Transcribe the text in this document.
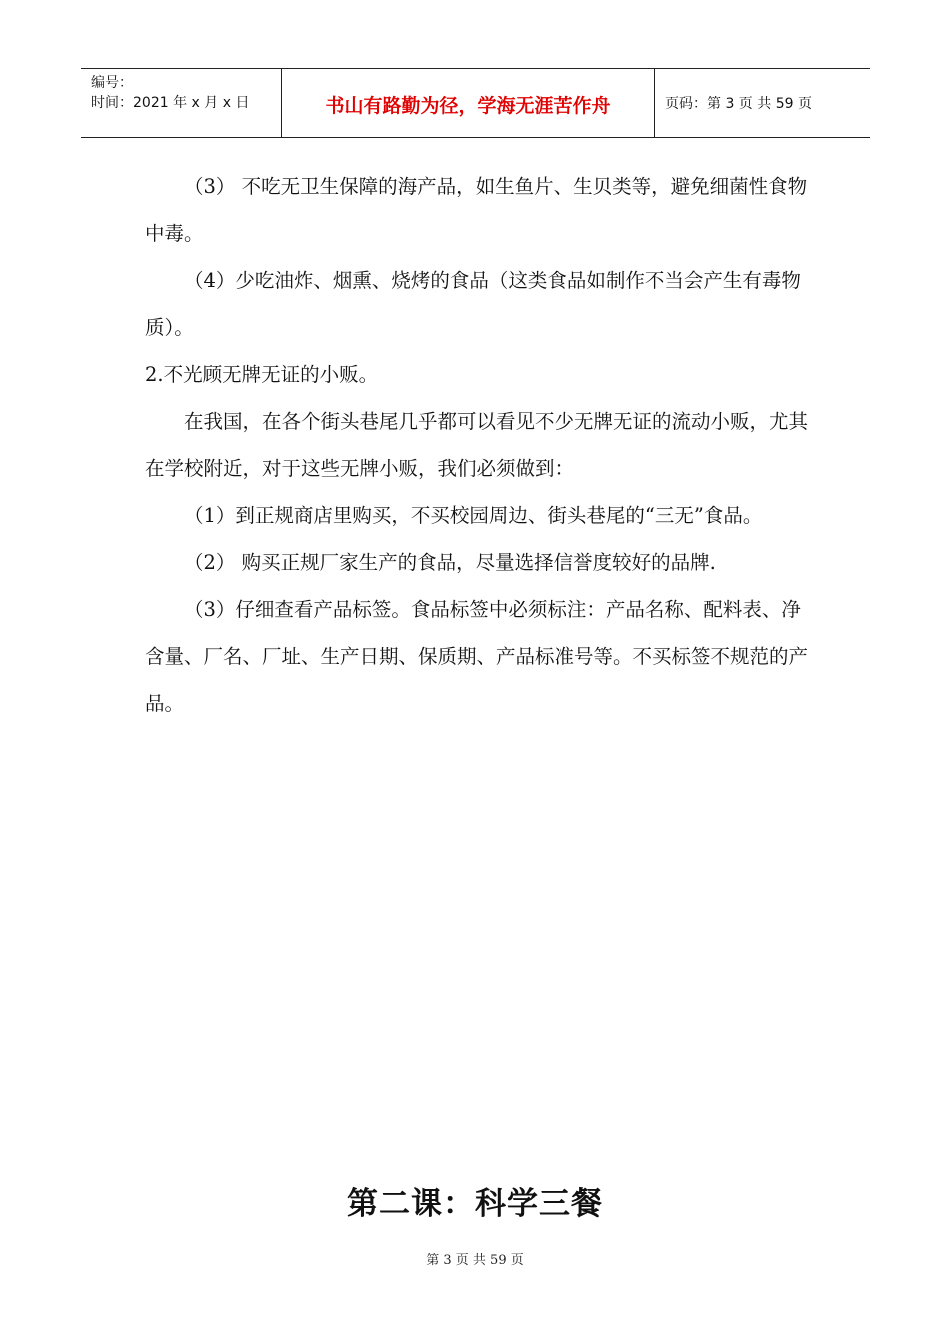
编号：
时间：2021 年 x 月 x 日	书山有路勤为径，学海无涯苦作舟	页码：第 3 页 共 59 页

（3） 不吃无卫生保障的海产品，如生鱼片、生贝类等，避免细菌性食物中毒。

（4）少吃油炸、烟熏、烧烤的食品（这类食品如制作不当会产生有毒物质）。

2.不光顾无牌无证的小贩。

在我国，在各个街头巷尾几乎都可以看见不少无牌无证的流动小贩，尤其在学校附近，对于这些无牌小贩，我们必须做到：

（1）到正规商店里购买，不买校园周边、街头巷尾的“三无”食品。

（2） 购买正规厂家生产的食品，尽量选择信誉度较好的品牌.

（3）仔细查看产品标签。食品标签中必须标注：产品名称、配料表、净含量、厂名、厂址、生产日期、保质期、产品标准号等。不买标签不规范的产品。

第二课：科学三餐
第 3 页 共 59 页
